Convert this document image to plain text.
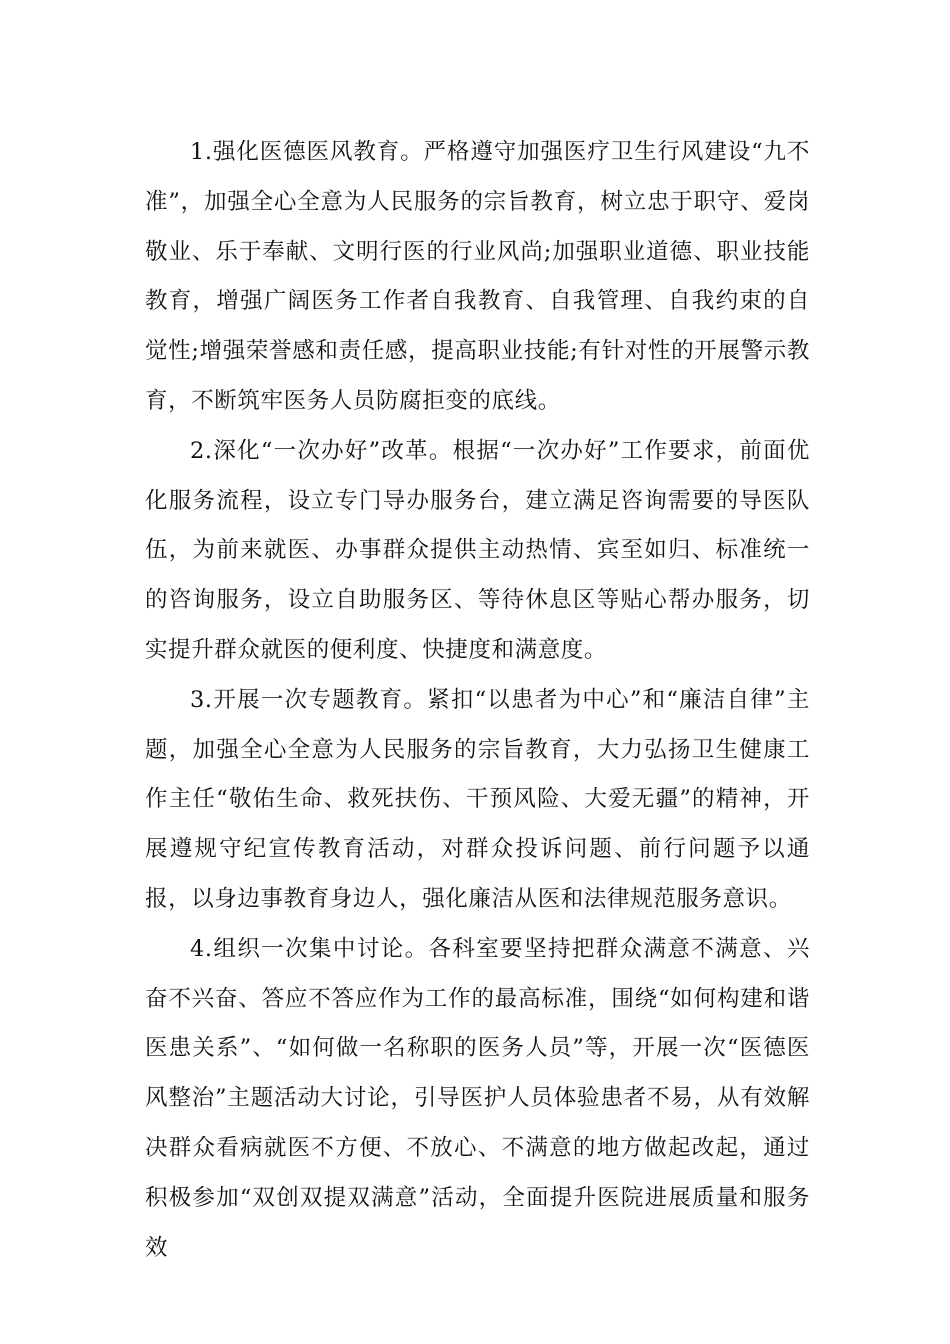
1.强化医德医风教育。严格遵守加强医疗卫生行风建设“九不准”，加强全心全意为人民服务的宗旨教育，树立忠于职守、爱岗敬业、乐于奉献、文明行医的行业风尚;加强职业道德、职业技能教育，增强广阔医务工作者自我教育、自我管理、自我约束的自觉性;增强荣誉感和责任感，提高职业技能;有针对性的开展警示教育，不断筑牢医务人员防腐拒变的底线。

2.深化“一次办好”改革。根据“一次办好”工作要求，前面优化服务流程，设立专门导办服务台，建立满足咨询需要的导医队伍，为前来就医、办事群众提供主动热情、宾至如归、标准统一的咨询服务，设立自助服务区、等待休息区等贴心帮办服务，切实提升群众就医的便利度、快捷度和满意度。

3.开展一次专题教育。紧扣“以患者为中心”和“廉洁自律”主题，加强全心全意为人民服务的宗旨教育，大力弘扬卫生健康工作主任“敬佑生命、救死扶伤、干预风险、大爱无疆”的精神，开展遵规守纪宣传教育活动，对群众投诉问题、前行问题予以通报，以身边事教育身边人，强化廉洁从医和法律规范服务意识。

4.组织一次集中讨论。各科室要坚持把群众满意不满意、兴奋不兴奋、答应不答应作为工作的最高标准，围绕“如何构建和谐医患关系”、“如何做一名称职的医务人员”等，开展一次“医德医风整治”主题活动大讨论，引导医护人员体验患者不易，从有效解决群众看病就医不方便、不放心、不满意的地方做起改起，通过积极参加“双创双提双满意”活动，全面提升医院进展质量和服务效
